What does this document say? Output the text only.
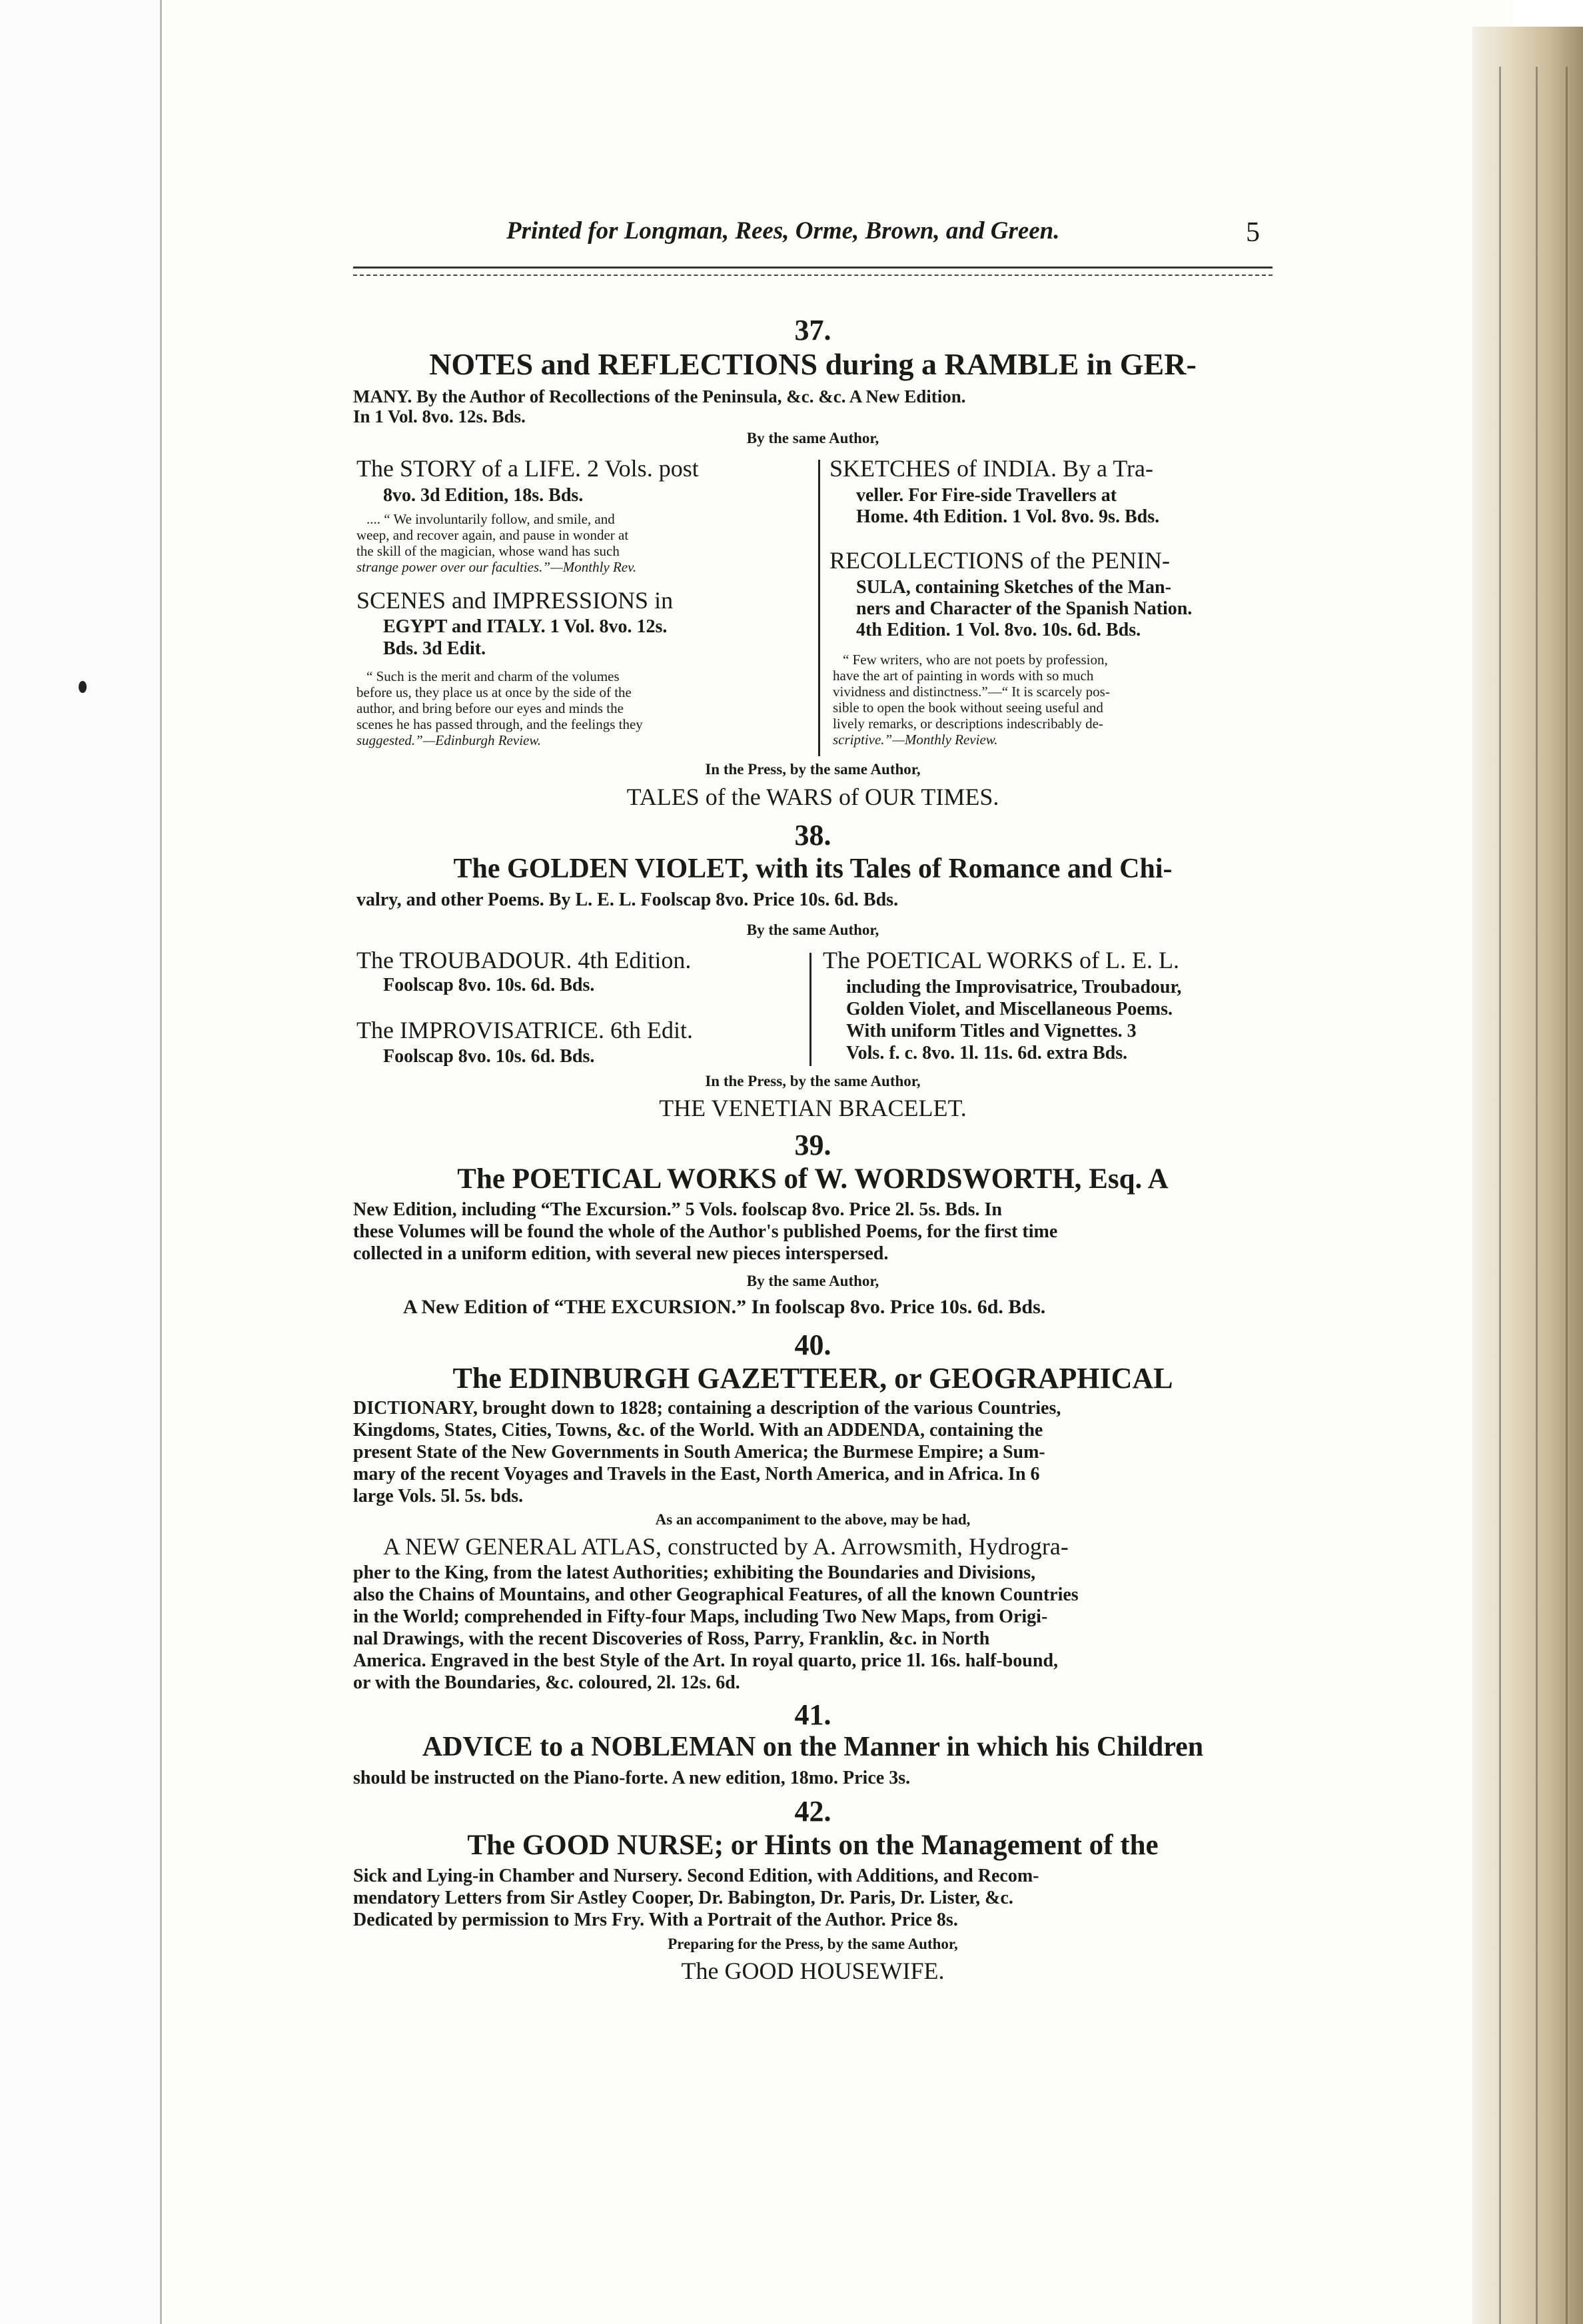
Printed for Longman, Rees, Orme, Brown, and Green.	5
37.
NOTES and REFLECTIONS during a RAMBLE in GER-
MANY. By the Author of Recollections of the Peninsula, &c. &c. A New Edition.
In 1 Vol. 8vo. 12s. Bds.
By the same Author,
The STORY of a LIFE. 2 Vols. post
8vo. 3d Edition, 18s. Bds.
.... “ We involuntarily follow, and smile, and
weep, and recover again, and pause in wonder at
the skill of the magician, whose wand has such
strange power over our faculties.”—Monthly Rev.
SCENES and IMPRESSIONS in
EGYPT and ITALY. 1 Vol. 8vo. 12s.
Bds. 3d Edit.
“ Such is the merit and charm of the volumes
before us, they place us at once by the side of the
author, and bring before our eyes and minds the
scenes he has passed through, and the feelings they
suggested.”—Edinburgh Review.
SKETCHES of INDIA. By a Tra-
veller. For Fire-side Travellers at
Home. 4th Edition. 1 Vol. 8vo. 9s. Bds.
RECOLLECTIONS of the PENIN-
SULA, containing Sketches of the Man-
ners and Character of the Spanish Nation.
4th Edition. 1 Vol. 8vo. 10s. 6d. Bds.
“ Few writers, who are not poets by profession,
have the art of painting in words with so much
vividness and distinctness.”—“ It is scarcely pos-
sible to open the book without seeing useful and
lively remarks, or descriptions indescribably de-
scriptive.”—Monthly Review.
In the Press, by the same Author,
TALES of the WARS of OUR TIMES.
38.
The GOLDEN VIOLET, with its Tales of Romance and Chi-
valry, and other Poems. By L. E. L. Foolscap 8vo. Price 10s. 6d. Bds.
By the same Author,
The TROUBADOUR. 4th Edition.
Foolscap 8vo. 10s. 6d. Bds.
The IMPROVISATRICE. 6th Edit.
Foolscap 8vo. 10s. 6d. Bds.
The POETICAL WORKS of L. E. L.
including the Improvisatrice, Troubadour,
Golden Violet, and Miscellaneous Poems.
With uniform Titles and Vignettes. 3
Vols. f. c. 8vo. 1l. 11s. 6d. extra Bds.
In the Press, by the same Author,
THE VENETIAN BRACELET.
39.
The POETICAL WORKS of W. WORDSWORTH, Esq. A
New Edition, including “The Excursion.” 5 Vols. foolscap 8vo. Price 2l. 5s. Bds. In
these Volumes will be found the whole of the Author's published Poems, for the first time
collected in a uniform edition, with several new pieces interspersed.
By the same Author,
A New Edition of “THE EXCURSION.” In foolscap 8vo. Price 10s. 6d. Bds.
40.
The EDINBURGH GAZETTEER, or GEOGRAPHICAL
DICTIONARY, brought down to 1828; containing a description of the various Countries,
Kingdoms, States, Cities, Towns, &c. of the World. With an ADDENDA, containing the
present State of the New Governments in South America; the Burmese Empire; a Sum-
mary of the recent Voyages and Travels in the East, North America, and in Africa. In 6
large Vols. 5l. 5s. bds.
As an accompaniment to the above, may be had,
A NEW GENERAL ATLAS, constructed by A. Arrowsmith, Hydrogra-
pher to the King, from the latest Authorities; exhibiting the Boundaries and Divisions,
also the Chains of Mountains, and other Geographical Features, of all the known Countries
in the World; comprehended in Fifty-four Maps, including Two New Maps, from Origi-
nal Drawings, with the recent Discoveries of Ross, Parry, Franklin, &c. in North
America. Engraved in the best Style of the Art. In royal quarto, price 1l. 16s. half-bound,
or with the Boundaries, &c. coloured, 2l. 12s. 6d.
41.
ADVICE to a NOBLEMAN on the Manner in which his Children
should be instructed on the Piano-forte. A new edition, 18mo. Price 3s.
42.
The GOOD NURSE; or Hints on the Management of the
Sick and Lying-in Chamber and Nursery. Second Edition, with Additions, and Recom-
mendatory Letters from Sir Astley Cooper, Dr. Babington, Dr. Paris, Dr. Lister, &c.
Dedicated by permission to Mrs Fry. With a Portrait of the Author. Price 8s.
Preparing for the Press, by the same Author,
The GOOD HOUSEWIFE.
